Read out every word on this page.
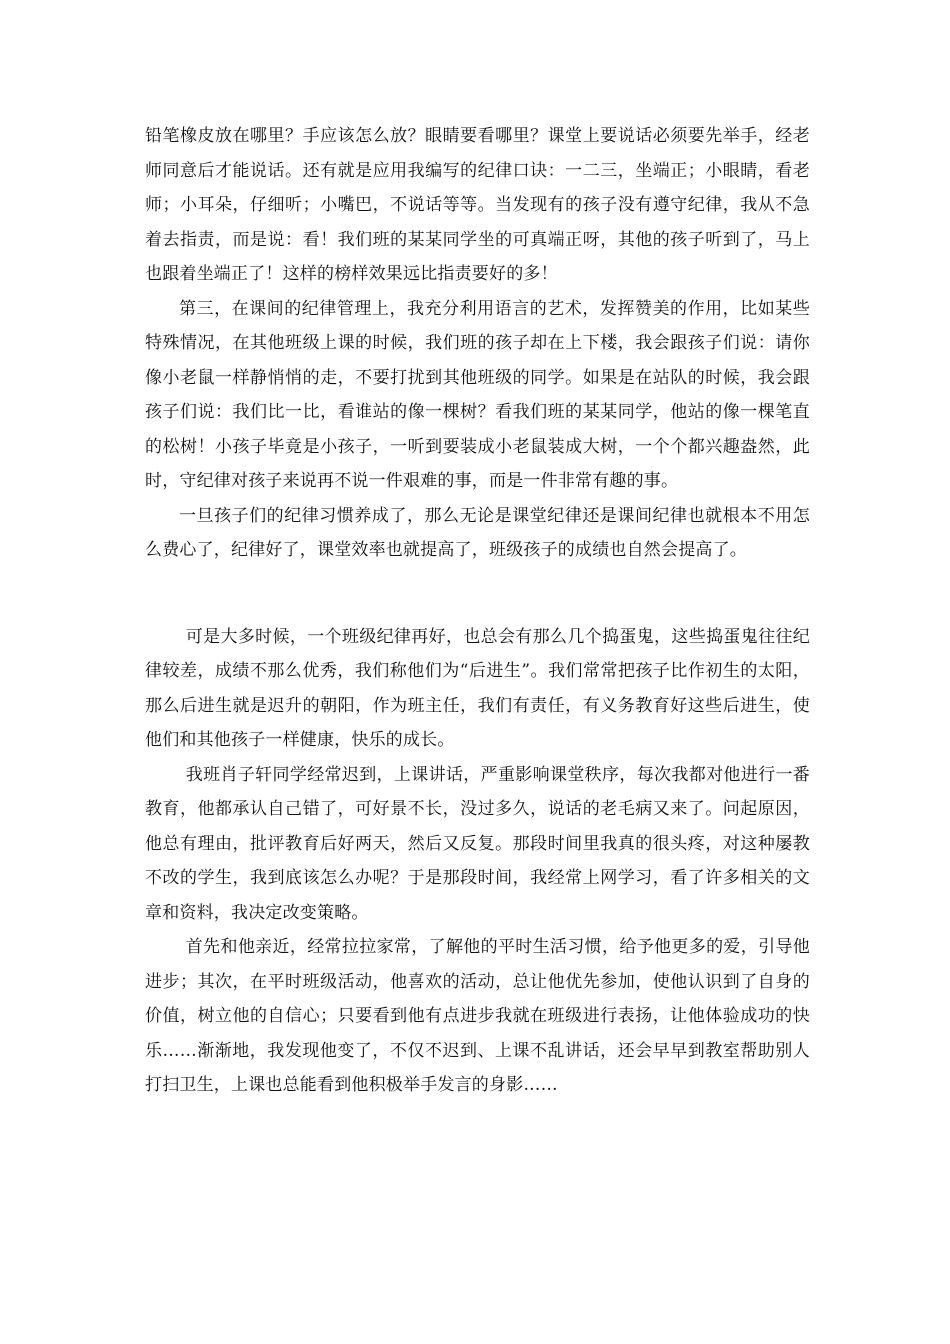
铅笔橡皮放在哪里？手应该怎么放？眼睛要看哪里？课堂上要说话必须要先举手，经老师同意后才能说话。还有就是应用我编写的纪律口诀：一二三，坐端正；小眼睛，看老师；小耳朵，仔细听；小嘴巴，不说话等等。当发现有的孩子没有遵守纪律，我从不急着去指责，而是说：看！我们班的某某同学坐的可真端正呀，其他的孩子听到了，马上也跟着坐端正了！这样的榜样效果远比指责要好的多！

第三，在课间的纪律管理上，我充分利用语言的艺术，发挥赞美的作用，比如某些特殊情况，在其他班级上课的时候，我们班的孩子却在上下楼，我会跟孩子们说：请你像小老鼠一样静悄悄的走，不要打扰到其他班级的同学。如果是在站队的时候，我会跟孩子们说：我们比一比，看谁站的像一棵树？看我们班的某某同学，他站的像一棵笔直的松树！小孩子毕竟是小孩子，一听到要装成小老鼠装成大树，一个个都兴趣盎然，此时，守纪律对孩子来说再不说一件艰难的事，而是一件非常有趣的事。

一旦孩子们的纪律习惯养成了，那么无论是课堂纪律还是课间纪律也就根本不用怎么费心了，纪律好了，课堂效率也就提高了，班级孩子的成绩也自然会提高了。

可是大多时候，一个班级纪律再好，也总会有那么几个捣蛋鬼，这些捣蛋鬼往往纪律较差，成绩不那么优秀，我们称他们为“后进生”。我们常常把孩子比作初生的太阳，那么后进生就是迟升的朝阳，作为班主任，我们有责任，有义务教育好这些后进生，使他们和其他孩子一样健康，快乐的成长。

我班肖子轩同学经常迟到，上课讲话，严重影响课堂秩序，每次我都对他进行一番教育，他都承认自己错了，可好景不长，没过多久，说话的老毛病又来了。问起原因，他总有理由，批评教育后好两天，然后又反复。那段时间里我真的很头疼，对这种屡教不改的学生，我到底该怎么办呢？于是那段时间，我经常上网学习，看了许多相关的文章和资料，我决定改变策略。

首先和他亲近，经常拉拉家常，了解他的平时生活习惯，给予他更多的爱，引导他进步；其次，在平时班级活动，他喜欢的活动，总让他优先参加，使他认识到了自身的价值，树立他的自信心；只要看到他有点进步我就在班级进行表扬，让他体验成功的快乐……渐渐地，我发现他变了，不仅不迟到、上课不乱讲话，还会早早到教室帮助别人打扫卫生，上课也总能看到他积极举手发言的身影……
